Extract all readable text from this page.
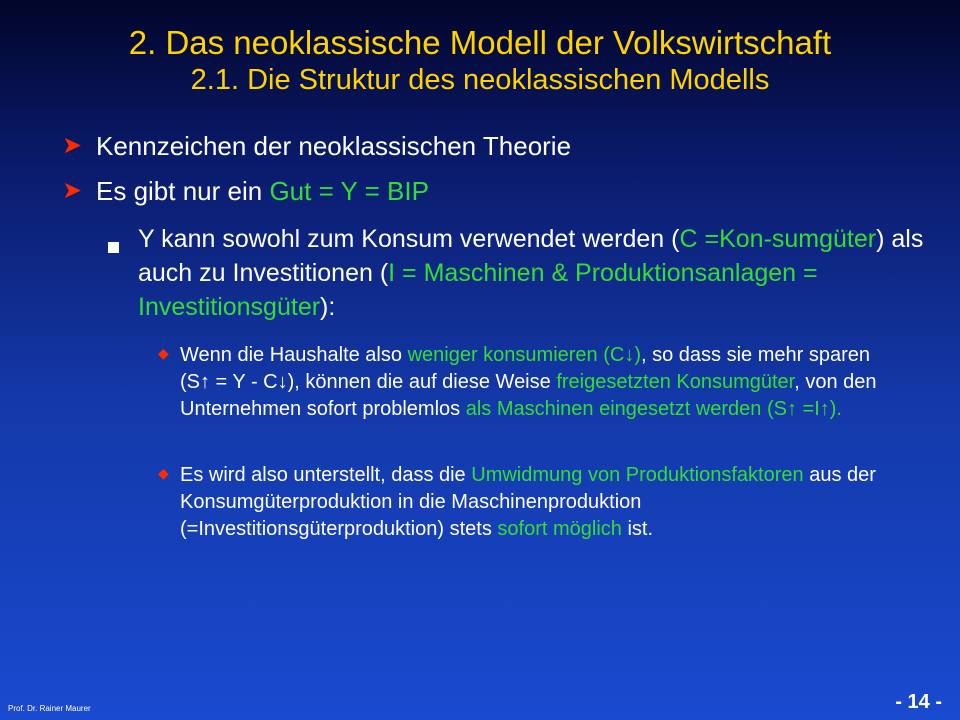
2. Das neoklassische Modell der Volkswirtschaft
2.1. Die Struktur des neoklassischen Modells
➤ Kennzeichen der neoklassischen Theorie
➤ Es gibt nur ein Gut = Y = BIP
Y kann sowohl zum Konsum verwendet werden (C =Kon-sumgüter) als auch zu Investitionen (I = Maschinen & Produktionsanlagen = Investitionsgüter):
◆ Wenn die Haushalte also weniger konsumieren (C↓), so dass sie mehr sparen (S↑ = Y - C↓), können die auf diese Weise freigesetzten Konsumgüter, von den Unternehmen sofort problemlos als Maschinen eingesetzt werden (S↑ =I↑).
◆ Es wird also unterstellt, dass die Umwidmung von Produktionsfaktoren aus der Konsumgüterproduktion in die Maschinenproduktion (=Investitionsgüterproduktion) stets sofort möglich ist.
Prof. Dr. Rainer Maurer	- 14 -
